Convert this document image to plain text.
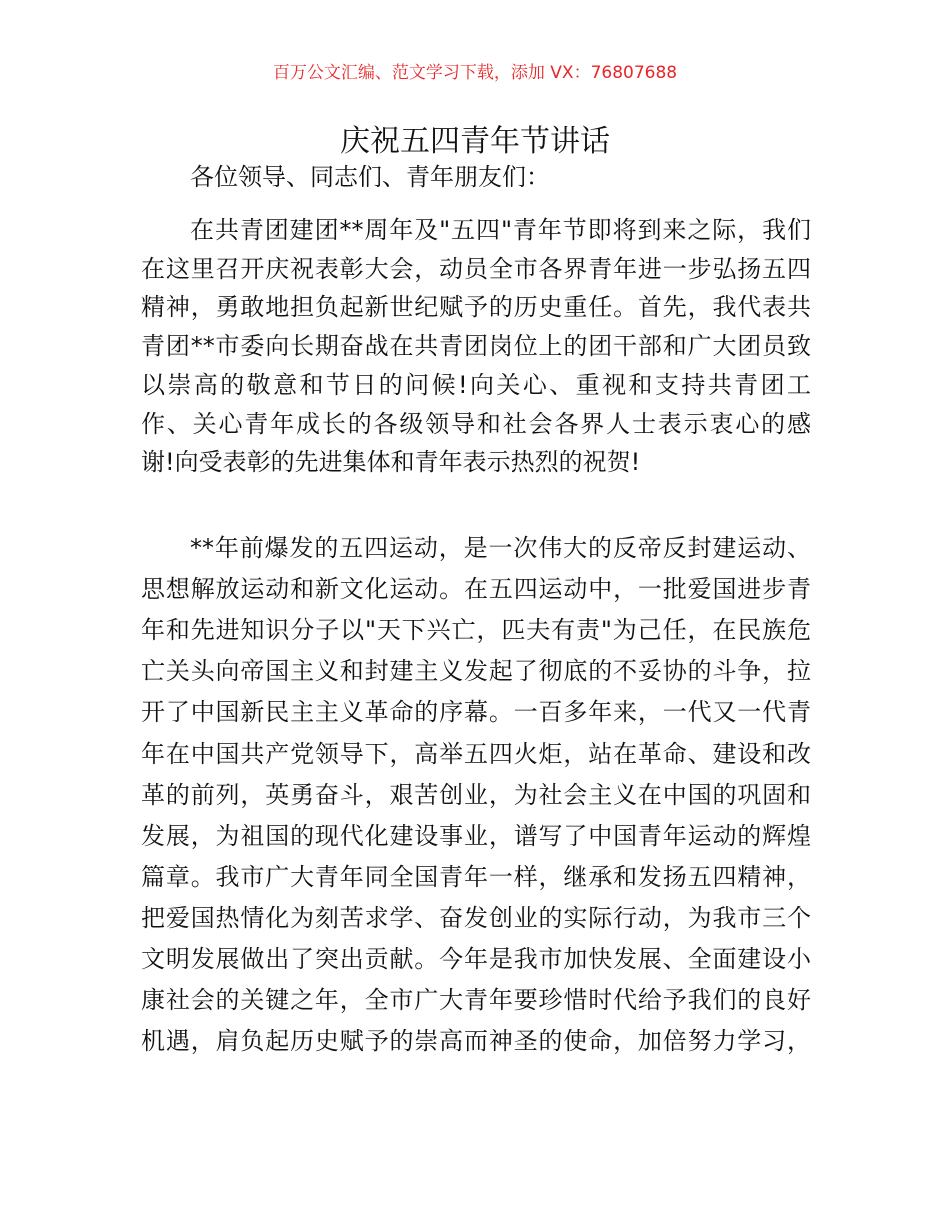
百万公文汇编、范文学习下载，添加 VX：76807688
庆祝五四青年节讲话
各位领导、同志们、青年朋友们：
在共青团建团**周年及"五四"青年节即将到来之际，我们
在这里召开庆祝表彰大会，动员全市各界青年进一步弘扬五四
精神，勇敢地担负起新世纪赋予的历史重任。首先，我代表共
青团**市委向长期奋战在共青团岗位上的团干部和广大团员致
以崇高的敬意和节日的问候!向关心、重视和支持共青团工
作、关心青年成长的各级领导和社会各界人士表示衷心的感
谢!向受表彰的先进集体和青年表示热烈的祝贺!
**年前爆发的五四运动，是一次伟大的反帝反封建运动、
思想解放运动和新文化运动。在五四运动中，一批爱国进步青
年和先进知识分子以"天下兴亡，匹夫有责"为己任，在民族危
亡关头向帝国主义和封建主义发起了彻底的不妥协的斗争，拉
开了中国新民主主义革命的序幕。一百多年来，一代又一代青
年在中国共产党领导下，高举五四火炬，站在革命、建设和改
革的前列，英勇奋斗，艰苦创业，为社会主义在中国的巩固和
发展，为祖国的现代化建设事业，谱写了中国青年运动的辉煌
篇章。我市广大青年同全国青年一样，继承和发扬五四精神，
把爱国热情化为刻苦求学、奋发创业的实际行动，为我市三个
文明发展做出了突出贡献。今年是我市加快发展、全面建设小
康社会的关键之年，全市广大青年要珍惜时代给予我们的良好
机遇，肩负起历史赋予的崇高而神圣的使命，加倍努力学习，
